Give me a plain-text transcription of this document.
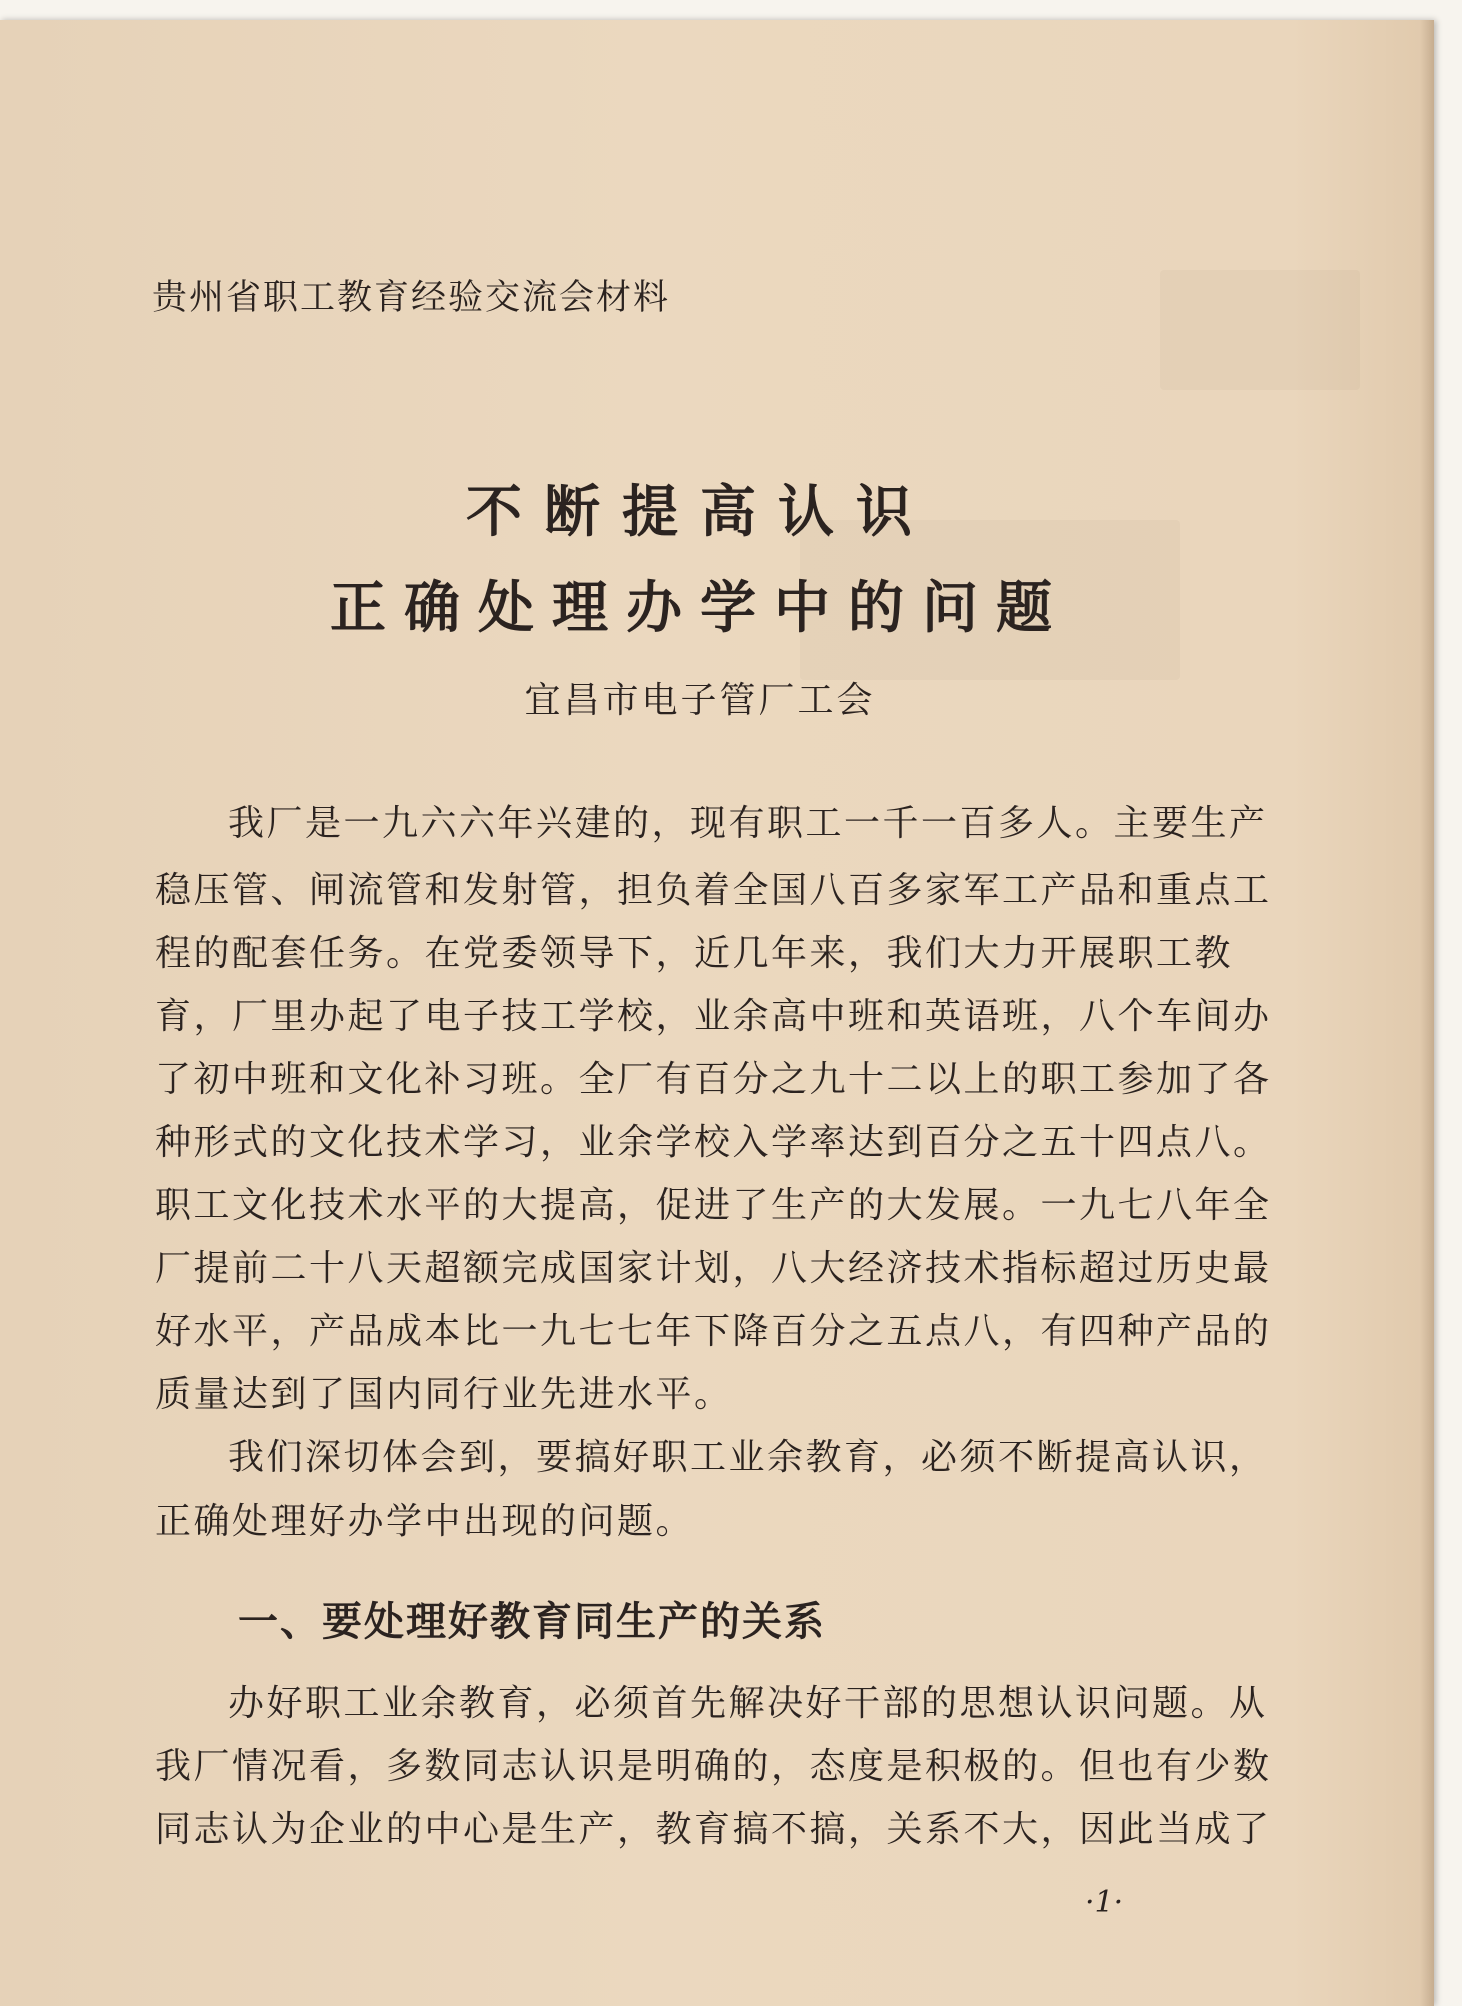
贵州省职工教育经验交流会材料
不断提高认识
正确处理办学中的问题
宜昌市电子管厂工会
我厂是一九六六年兴建的，现有职工一千一百多人。主要生产
稳压管、闸流管和发射管，担负着全国八百多家军工产品和重点工
程的配套任务。在党委领导下，近几年来，我们大力开展职工教
育，厂里办起了电子技工学校，业余高中班和英语班，八个车间办
了初中班和文化补习班。全厂有百分之九十二以上的职工参加了各
种形式的文化技术学习，业余学校入学率达到百分之五十四点八。
职工文化技术水平的大提高，促进了生产的大发展。一九七八年全
厂提前二十八天超额完成国家计划，八大经济技术指标超过历史最
好水平，产品成本比一九七七年下降百分之五点八，有四种产品的
质量达到了国内同行业先进水平。
我们深切体会到，要搞好职工业余教育，必须不断提高认识，
正确处理好办学中出现的问题。
一、要处理好教育同生产的关系
办好职工业余教育，必须首先解决好干部的思想认识问题。从
我厂情况看，多数同志认识是明确的，态度是积极的。但也有少数
同志认为企业的中心是生产，教育搞不搞，关系不大，因此当成了
·1·
